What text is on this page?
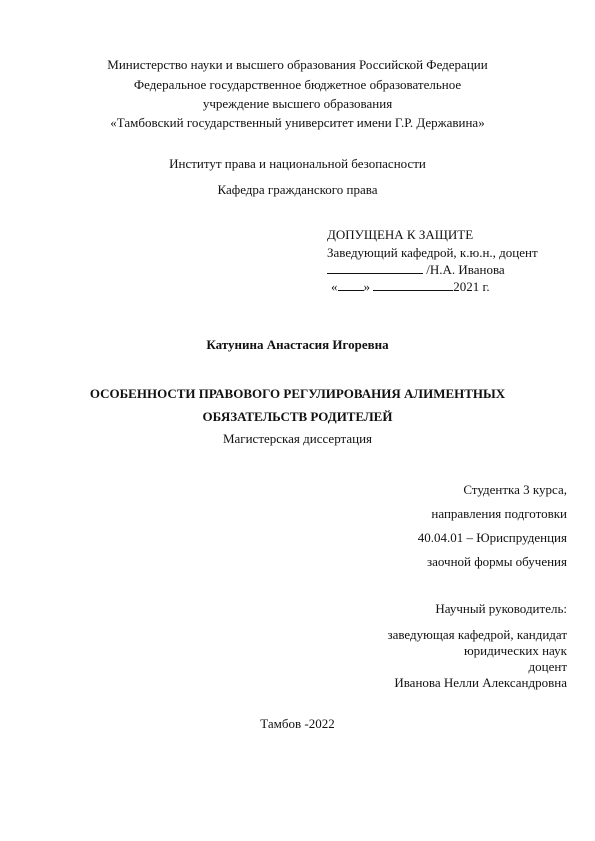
Министерство науки и высшего образования Российской Федерации
Федеральное государственное бюджетное образовательное
учреждение высшего образования
«Тамбовский государственный университет имени Г.Р. Державина»
Институт права и национальной безопасности
Кафедра гражданского права
ДОПУЩЕНА К ЗАЩИТЕ
Заведующий кафедрой, к.ю.н., доцент
/Н.А. Иванова
« »	2021 г.
Катунина Анастасия Игоревна
ОСОБЕННОСТИ ПРАВОВОГО РЕГУЛИРОВАНИЯ АЛИМЕНТНЫХ
ОБЯЗАТЕЛЬСТВ РОДИТЕЛЕЙ
Магистерская диссертация
Студентка 3 курса,
направления подготовки
40.04.01 – Юриспруденция
заочной формы обучения
Научный руководитель:
заведующая кафедрой, кандидат
юридических наук
доцент
Иванова Нелли Александровна
Тамбов -2022
